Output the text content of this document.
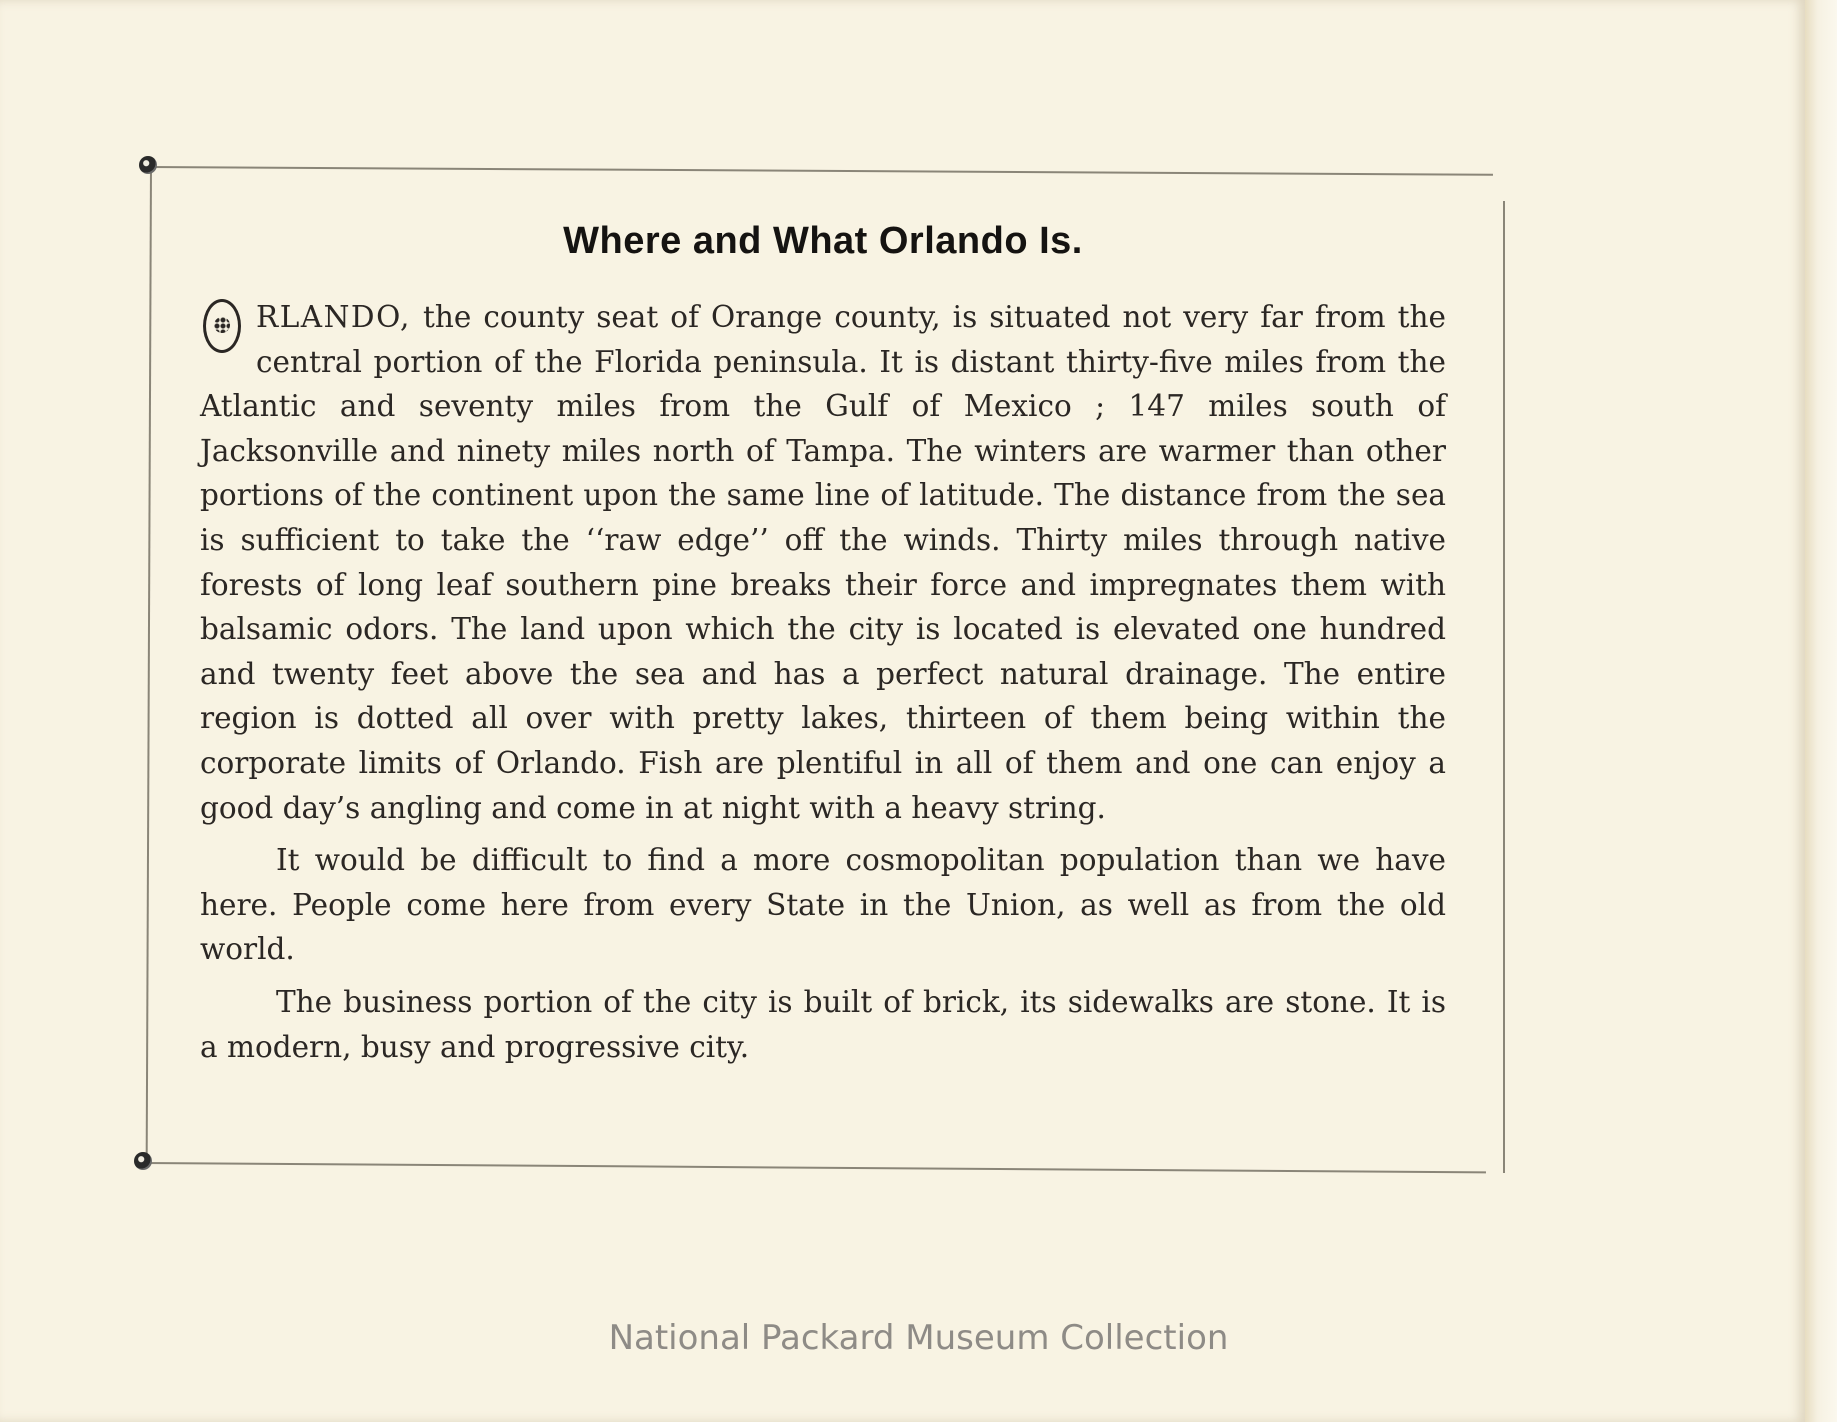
Where and What Orlando Is.

RLANDO, the county seat of Orange county, is situated not very far from the central portion of the Florida peninsula. It is distant thirty-five miles from the Atlantic and seventy miles from the Gulf of Mexico ; 147 miles south of Jacksonville and ninety miles north of Tampa. The winters are warmer than other portions of the continent upon the same line of latitude. The distance from the sea is sufficient to take the ‘‘raw edge’’ off the winds. Thirty miles through native forests of long leaf southern pine breaks their force and impregnates them with balsamic odors. The land upon which the city is located is elevated one hundred and twenty feet above the sea and has a perfect natural drainage. The entire region is dotted all over with pretty lakes, thirteen of them being within the corporate limits of Orlando. Fish are plentiful in all of them and one can enjoy a good day’s angling and come in at night with a heavy string.

It would be difficult to find a more cosmopolitan population than we have here. People come here from every State in the Union, as well as from the old world.

The business portion of the city is built of brick, its sidewalks are stone. It is a modern, busy and progressive city.

National Packard Museum Collection
